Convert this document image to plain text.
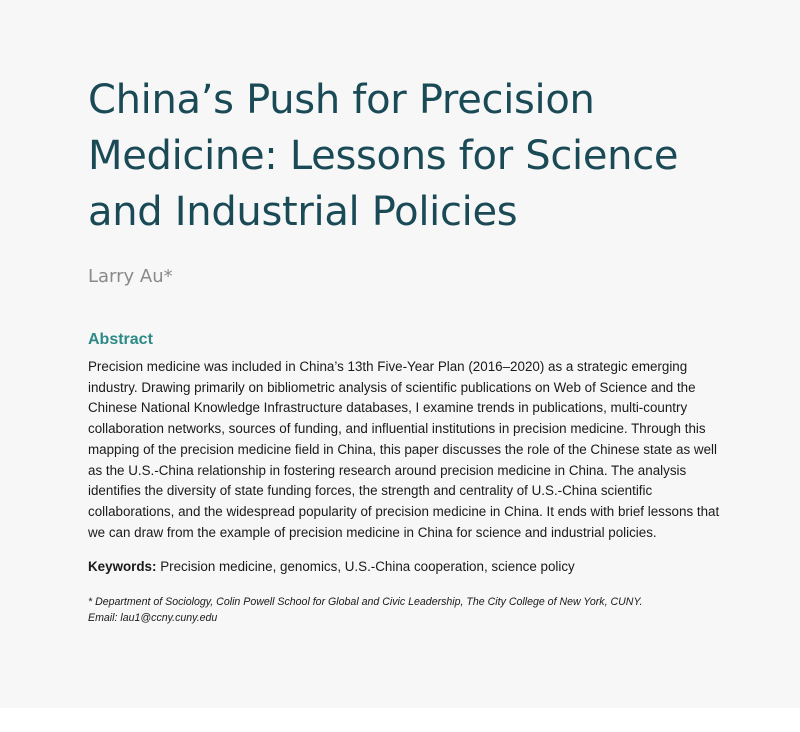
China’s Push for Precision
Medicine: Lessons for Science
and Industrial Policies
Larry Au*
Abstract

Precision medicine was included in China’s 13th Five-Year Plan (2016–2020) as a strategic emerging industry. Drawing primarily on bibliometric analysis of scientific publications on Web of Science and the Chinese National Knowledge Infrastructure databases, I examine trends in publications, multi-country collaboration networks, sources of funding, and influential institutions in precision medicine. Through this mapping of the precision medicine field in China, this paper discusses the role of the Chinese state as well as the U.S.-China relationship in fostering research around precision medicine in China. The analysis identifies the diversity of state funding forces, the strength and centrality of U.S.-China scientific collaborations, and the widespread popularity of precision medicine in China. It ends with brief lessons that we can draw from the example of precision medicine in China for science and industrial policies.

Keywords: Precision medicine, genomics, U.S.-China cooperation, science policy
* Department of Sociology, Colin Powell School for Global and Civic Leadership, The City College of New York, CUNY.
Email: lau1@ccny.cuny.edu
